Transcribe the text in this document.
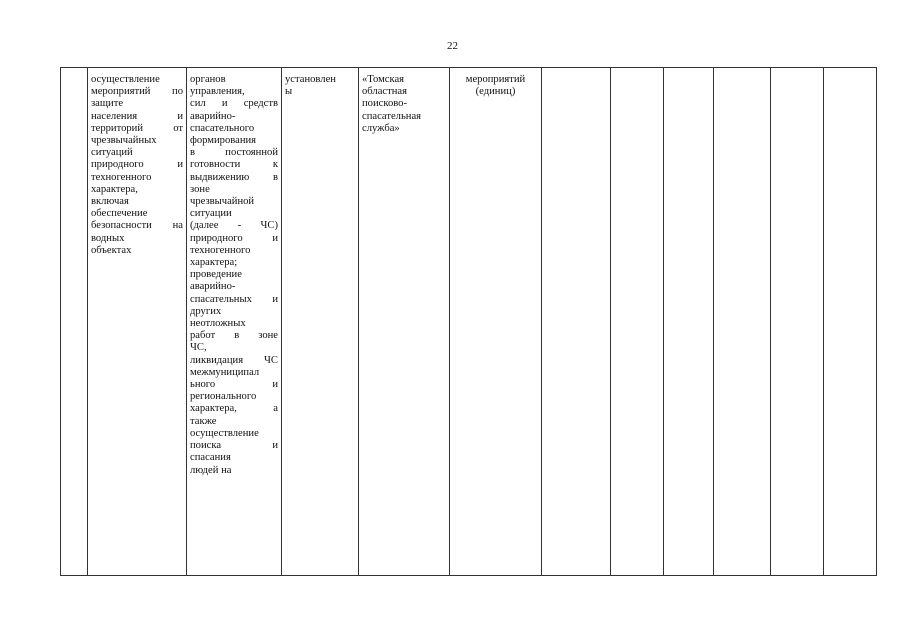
22

осуществление
мероприятий по
защите
населения и
территорий от
чрезвычайных
ситуаций
природного и
техногенного
характера,
включая
обеспечение
безопасности на
водных
объектах

органов
управления,
сил и средств
аварийно-
спасательного
формирования
в постоянной
готовности к
выдвижению в
зоне
чрезвычайной
ситуации
(далее - ЧС)
природного и
техногенного
характера;
проведение
аварийно-
спасательных и
других
неотложных
работ в зоне
ЧС,
ликвидация ЧС
межмуниципал
ьного и
регионального
характера, а
также
осуществление
поиска и
спасания
людей на

установлен
ы

«Томская
областная
поисково-
спасательная
служба»

мероприятий
(единиц)
